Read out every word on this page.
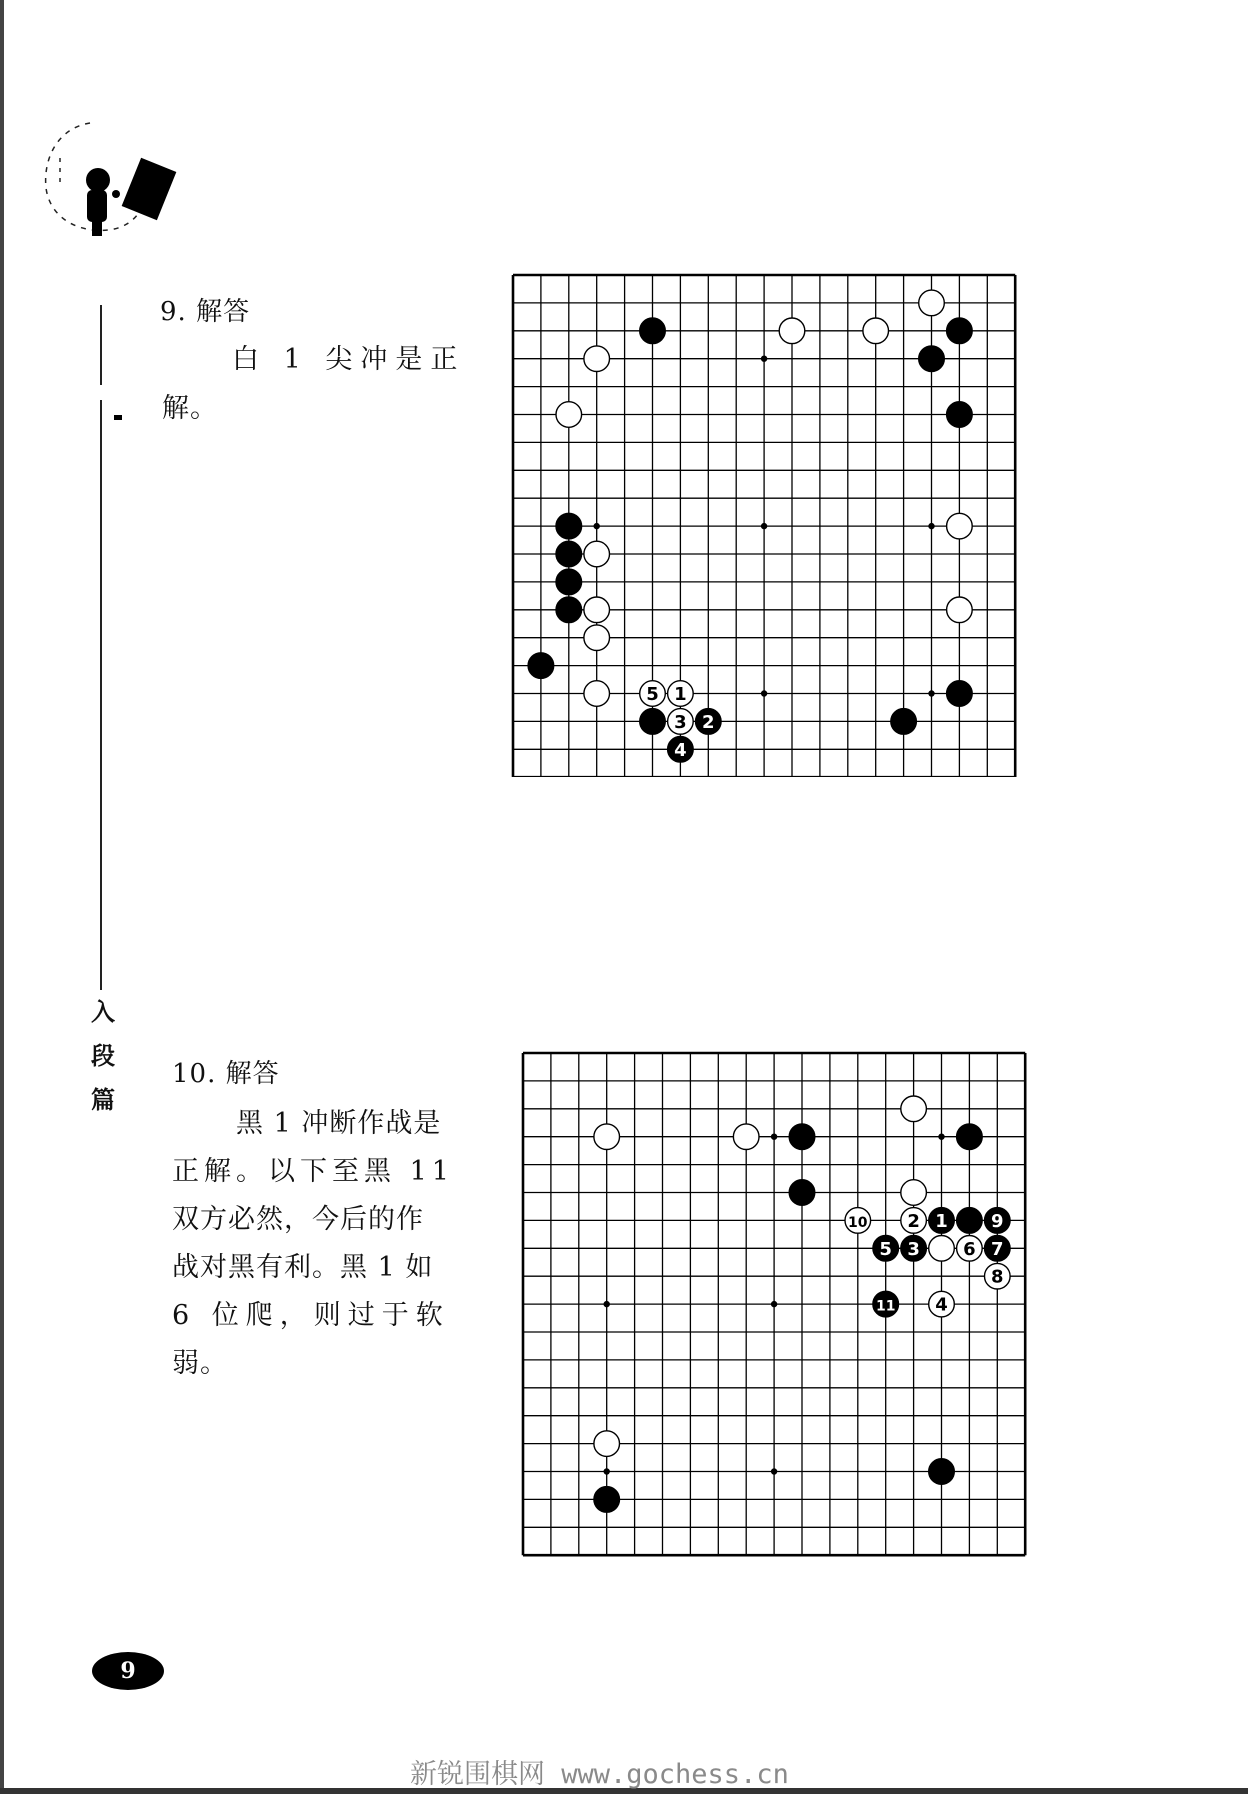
入段篇
9. 解答
白 1 尖冲是正
解。
10. 解答
黑 1 冲断作战是
正解。以下至黑 11
双方必然，今后的作
战对黑有利。黑 1 如
6 位爬，则过于软
弱。
5 1
3 2
4
10 2 1 9
5 3 6 7
8
11 4
9
新锐围棋网 www.gochess.cn
